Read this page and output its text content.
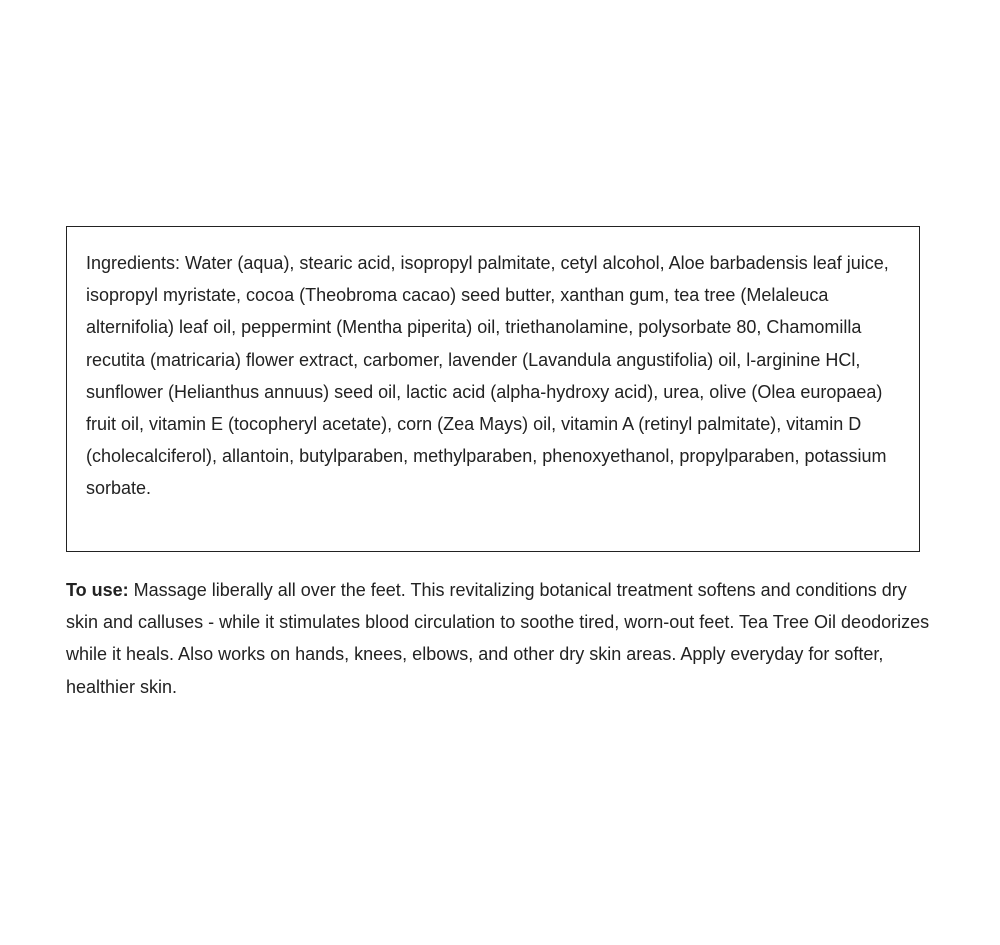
Ingredients: Water (aqua), stearic acid, isopropyl palmitate, cetyl alcohol, Aloe barbadensis leaf juice, isopropyl myristate, cocoa (Theobroma cacao) seed butter, xanthan gum, tea tree (Melaleuca alternifolia) leaf oil, peppermint (Mentha piperita) oil, triethanolamine, polysorbate 80, Chamomilla recutita (matricaria) flower extract, carbomer, lavender (Lavandula angustifolia) oil, l-arginine HCl, sunflower (Helianthus annuus) seed oil, lactic acid (alpha-hydroxy acid), urea, olive (Olea europaea) fruit oil, vitamin E (tocopheryl acetate), corn (Zea Mays) oil, vitamin A (retinyl palmitate), vitamin D (cholecalciferol), allantoin, butylparaben, methylparaben, phenoxyethanol, propylparaben, potassium sorbate.

To use: Massage liberally all over the feet. This revitalizing botanical treatment softens and conditions dry skin and calluses - while it stimulates blood circulation to soothe tired, worn-out feet. Tea Tree Oil deodorizes while it heals. Also works on hands, knees, elbows, and other dry skin areas. Apply everyday for softer, healthier skin.
